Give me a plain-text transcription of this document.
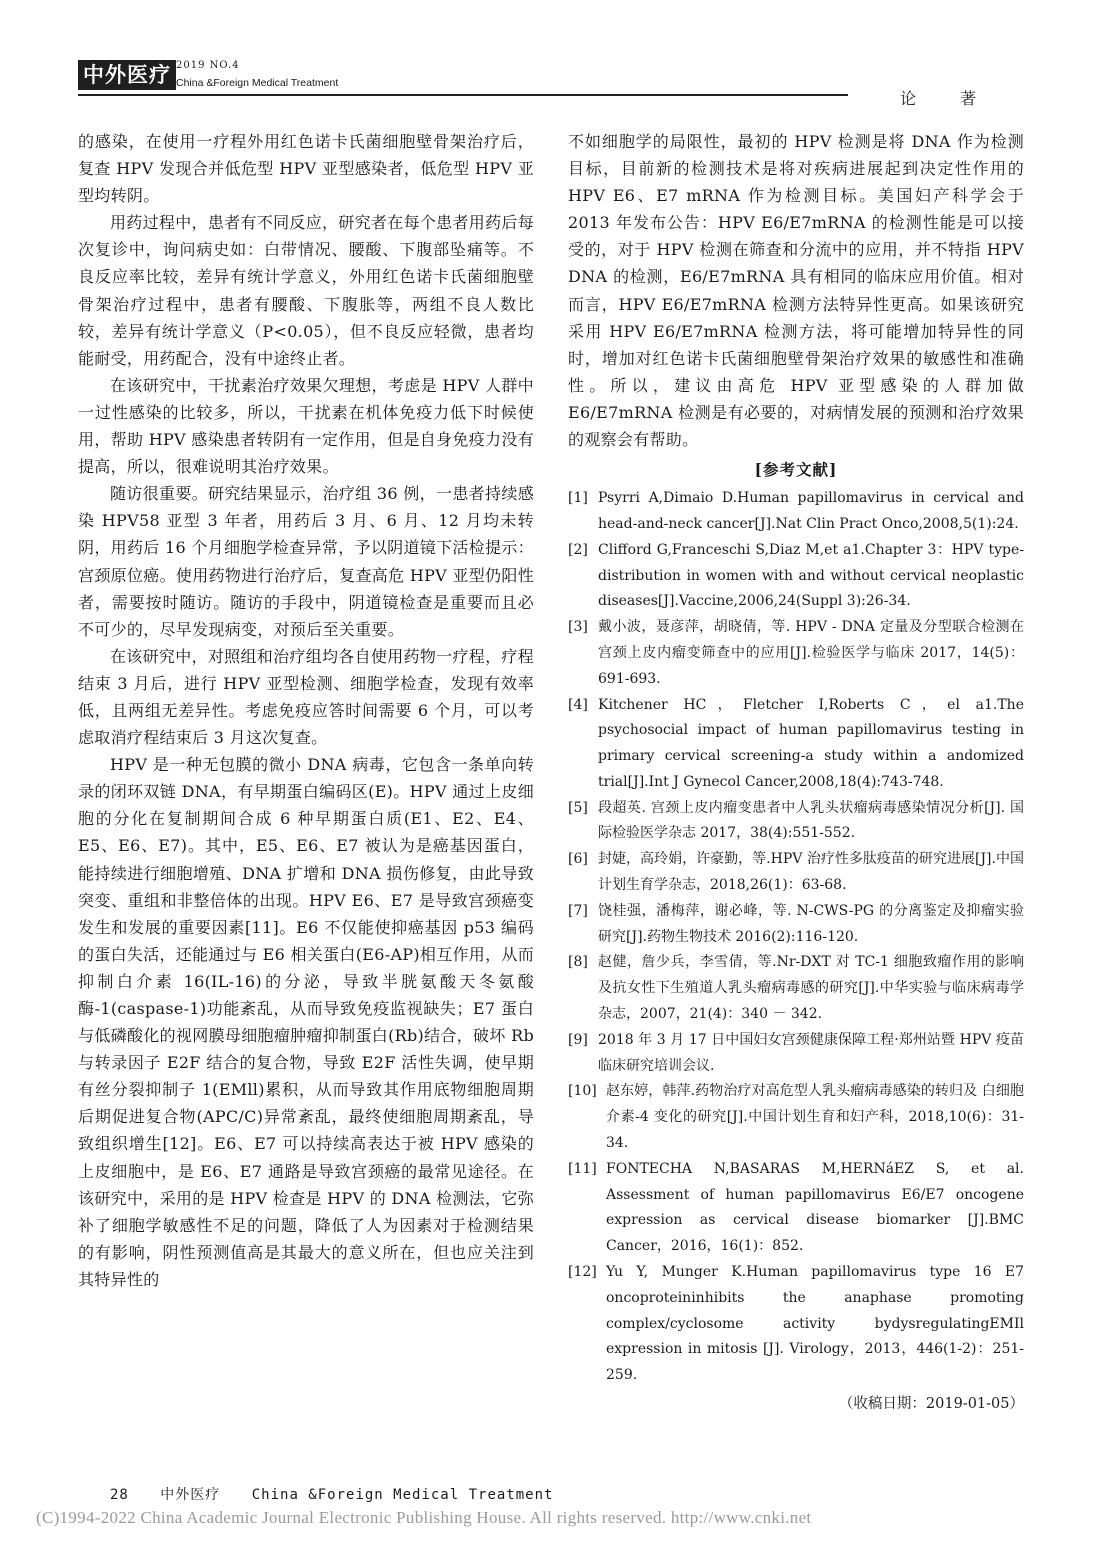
中外医疗 2019 NO.4
China &Foreign Medical Treatment
论著

的感染，在使用一疗程外用红色诺卡氏菌细胞壁骨架治疗后，复查 HPV 发现合并低危型 HPV 亚型感染者，低危型 HPV 亚型均转阴。

用药过程中，患者有不同反应，研究者在每个患者用药后每次复诊中，询问病史如：白带情况、腰酸、下腹部坠痛等。不良反应率比较，差异有统计学意义，外用红色诺卡氏菌细胞壁骨架治疗过程中，患者有腰酸、下腹胀等，两组不良人数比较，差异有统计学意义（P<0.05），但不良反应轻微，患者均能耐受，用药配合，没有中途终止者。

在该研究中，干扰素治疗效果欠理想，考虑是 HPV 人群中一过性感染的比较多，所以，干扰素在机体免疫力低下时候使用，帮助 HPV 感染患者转阴有一定作用，但是自身免疫力没有提高，所以，很难说明其治疗效果。

随访很重要。研究结果显示，治疗组 36 例，一患者持续感染 HPV58 亚型 3 年者，用药后 3 月、6 月、12 月均未转阴，用药后 16 个月细胞学检查异常，予以阴道镜下活检提示：宫颈原位癌。使用药物进行治疗后，复查高危 HPV 亚型仍阳性者，需要按时随访。随访的手段中，阴道镜检查是重要而且必不可少的，尽早发现病变，对预后至关重要。

在该研究中，对照组和治疗组均各自使用药物一疗程，疗程结束 3 月后，进行 HPV 亚型检测、细胞学检查，发现有效率低，且两组无差异性。考虑免疫应答时间需要 6 个月，可以考虑取消疗程结束后 3 月这次复查。

HPV 是一种无包膜的微小 DNA 病毒，它包含一条单向转录的闭环双链 DNA，有早期蛋白编码区(E)。HPV 通过上皮细胞的分化在复制期间合成 6 种早期蛋白质(E1、E2、E4、E5、E6、E7)。其中，E5、E6、E7 被认为是癌基因蛋白，能持续进行细胞增殖、DNA 扩增和 DNA 损伤修复，由此导致突变、重组和非整倍体的出现。HPV E6、E7 是导致宫颈癌变发生和发展的重要因素[11]。E6 不仅能使抑癌基因 p53 编码的蛋白失活，还能通过与 E6 相关蛋白(E6-AP)相互作用，从而抑制白介素 16(IL-16)的分泌，导致半胱氨酸天冬氨酸酶-1(caspase-1)功能紊乱，从而导致免疫监视缺失；E7 蛋白与低磷酸化的视网膜母细胞瘤肿瘤抑制蛋白(Rb)结合，破坏 Rb 与转录因子 E2F 结合的复合物，导致 E2F 活性失调，使早期有丝分裂抑制子 1(EMll)累积，从而导致其作用底物细胞周期后期促进复合物(APC/C)异常紊乱，最终使细胞周期紊乱，导致组织增生[12]。E6、E7 可以持续高表达于被 HPV 感染的上皮细胞中，是 E6、E7 通路是导致宫颈癌的最常见途径。在该研究中，采用的是 HPV 检查是 HPV 的 DNA 检测法，它弥补了细胞学敏感性不足的问题，降低了人为因素对于检测结果的有影响，阴性预测值高是其最大的意义所在，但也应关注到其特异性的

不如细胞学的局限性，最初的 HPV 检测是将 DNA 作为检测目标，目前新的检测技术是将对疾病进展起到决定性作用的 HPV E6、E7 mRNA 作为检测目标。美国妇产科学会于 2013 年发布公告：HPV E6/E7mRNA 的检测性能是可以接受的，对于 HPV 检测在筛查和分流中的应用，并不特指 HPV DNA 的检测，E6/E7mRNA 具有相同的临床应用价值。相对而言，HPV E6/E7mRNA 检测方法特异性更高。如果该研究采用 HPV E6/E7mRNA 检测方法，将可能增加特异性的同时，增加对红色诺卡氏菌细胞壁骨架治疗效果的敏感性和准确性。所以，建议由高危 HPV 亚型感染的人群加做 E6/E7mRNA 检测是有必要的，对病情发展的预测和治疗效果的观察会有帮助。

[参考文献]
[1] Psyrri A,Dimaio D.Human papillomavirus in cervical and head-and-neck cancer[J].Nat Clin Pract Onco,2008,5(1):24.
[2] Clifford G,Franceschi S,Diaz M,et a1.Chapter 3：HPV type-distribution in women with and without cervical neoplastic diseases[J].Vaccine,2006,24(Suppl 3):26-34.
[3] 戴小波，聂彦萍，胡晓倩，等. HPV - DNA 定量及分型联合检测在宫颈上皮内瘤变筛查中的应用[J].检验医学与临床 2017，14(5)：691-693.
[4] Kitchener HC，Fletcher I,Roberts C，el a1.The psychosocial impact of human papillomavirus testing in primary cervical screening-a study within a andomized trial[J].Int J Gynecol Cancer,2008,18(4):743-748.
[5] 段超英. 宫颈上皮内瘤变患者中人乳头状瘤病毒感染情况分析[J]. 国际检验医学杂志 2017，38(4):551-552.
[6] 封婕，高玲娟，许豪勤，等.HPV 治疗性多肽疫苗的研究进展[J].中国计划生育学杂志，2018,26(1)：63-68.
[7] 饶桂强，潘梅萍，谢必峰，等. N-CWS-PG 的分离鉴定及抑瘤实验研究[J].药物生物技术 2016(2):116-120.
[8] 赵健，詹少兵，李雪倩，等.Nr-DXT 对 TC-1 细胞致瘤作用的影响及抗女性下生殖道人乳头瘤病毒感的研究[J].中华实验与临床病毒学杂志，2007，21(4)：340 － 342.
[9] 2018 年 3 月 17 日中国妇女宫颈健康保障工程·郑州站暨 HPV 疫苗临床研究培训会议.
[10] 赵东婷，韩萍.药物治疗对高危型人乳头瘤病毒感染的转归及 白细胞介素-4 变化的研究[J].中国计划生育和妇产科，2018,10(6)：31-34.
[11] FONTECHA N,BASARAS M,HERNáEZ S, et al. Assessment of human papillomavirus E6/E7 oncogene expression as cervical disease biomarker [J].BMC Cancer，2016，16(1)：852.
[12] Yu Y, Munger K.Human papillomavirus type 16 E7 oncoproteininhibits the anaphase promoting complex/cyclosome activity bydysregulatingEMIl expression in mitosis [J]. Virology，2013，446(1-2)：251-259.
（收稿日期：2019-01-05）
28 中外医疗 China &Foreign Medical Treatment
(C)1994-2022 China Academic Journal Electronic Publishing House. All rights reserved. http://www.cnki.net
